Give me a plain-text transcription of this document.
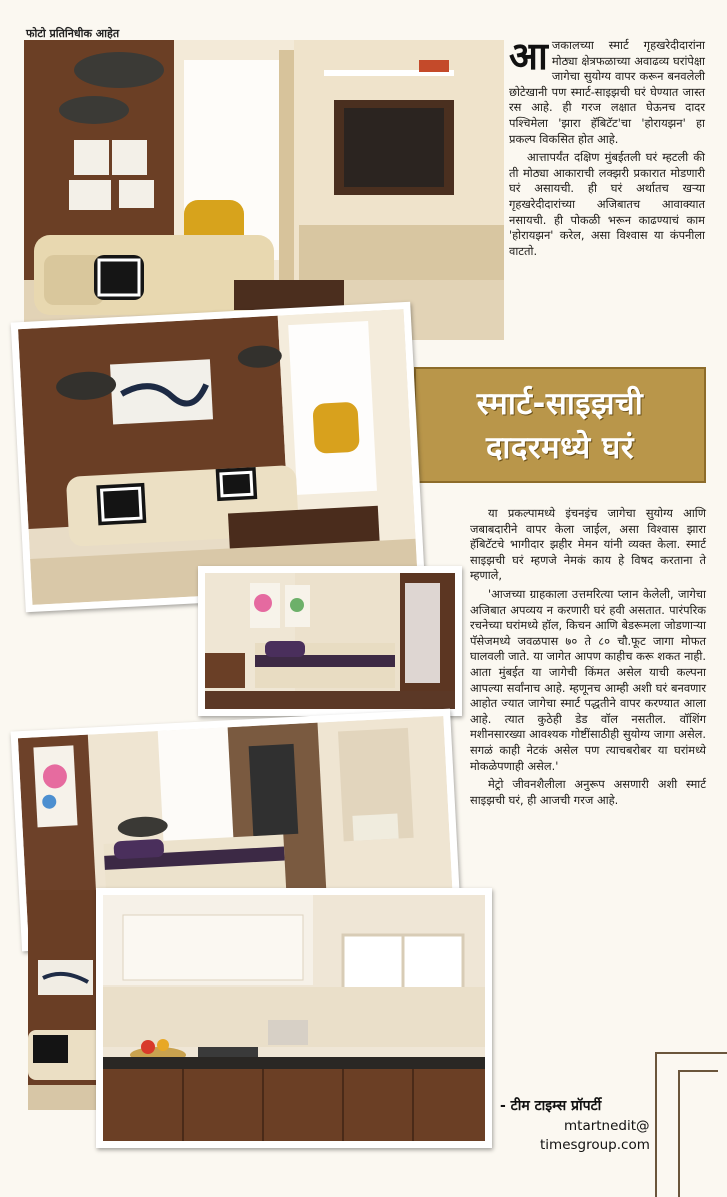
फोटो प्रतिनिधीक आहेत	आजकालच्या स्मार्ट गृहखरेदीदारांना मोठ्या क्षेत्रफळाच्या अवाढव्य घरांपेक्षा जागेचा सुयोग्य वापर करून बनवलेली छोटेखानी पण स्मार्ट-साइझची घरं घेण्यात जास्त रस आहे. ही गरज लक्षात घेऊनच दादर पश्चिमेला 'झारा हॅबिटॅट'चा 'होरायझन' हा प्रकल्प विकसित होत आहे.

आत्तापर्यंत दक्षिण मुंबईतली घरं म्हटली की ती मोठ्या आकाराची लक्झरी प्रकारात मोडणारी घरं असायची. ही घरं अर्थातच खऱ्या गृहखरेदीदारांच्या अजिबातच आवाक्यात नसायची. ही पोकळी भरून काढण्याचं काम 'होरायझन' करेल, असा विश्वास या कंपनीला वाटतो.

स्मार्ट-साइझची
दादरमध्ये घरं

या प्रकल्पामध्ये इंचनइंच जागेचा सुयोग्य आणि जबाबदारीने वापर केला जाईल, असा विश्वास झारा हॅबिटॅटचे भागीदार झहीर मेमन यांनी व्यक्त केला. स्मार्ट साइझची घरं म्हणजे नेमकं काय हे विषद करताना ते म्हणाले,

'आजच्या ग्राहकाला उत्तमरित्या प्लान केलेली, जागेचा अजिबात अपव्यय न करणारी घरं हवी असतात. पारंपरिक रचनेच्या घरांमध्ये हॉल, किचन आणि बेडरूमला जोडणाऱ्या पॅसेजमध्ये जवळपास ७० ते ८० चौ.फूट जागा मोफत घालवली जाते. या जागेत आपण काहीच करू शकत नाही. आता मुंबईत या जागेची किंमत असेल याची कल्पना आपल्या सर्वांनाच आहे. म्हणूनच आम्ही अशी घरं बनवणार आहोत ज्यात जागेचा स्मार्ट पद्धतीने वापर करण्यात आला आहे. त्यात कुठेही डेड वॉल नसतील. वॉशिंग मशीनसारख्या आवश्यक गोष्टींसाठीही सुयोग्य जागा असेल. सगळं काही नेटकं असेल पण त्याचबरोबर या घरांमध्ये मोकळेपणाही असेल.'

मेट्रो जीवनशैलीला अनुरूप असणारी अशी स्मार्ट साइझची घरं, ही आजची गरज आहे.

- टीम टाइम्स प्रॉपर्टी
mtartnedit@
timesgroup.com
